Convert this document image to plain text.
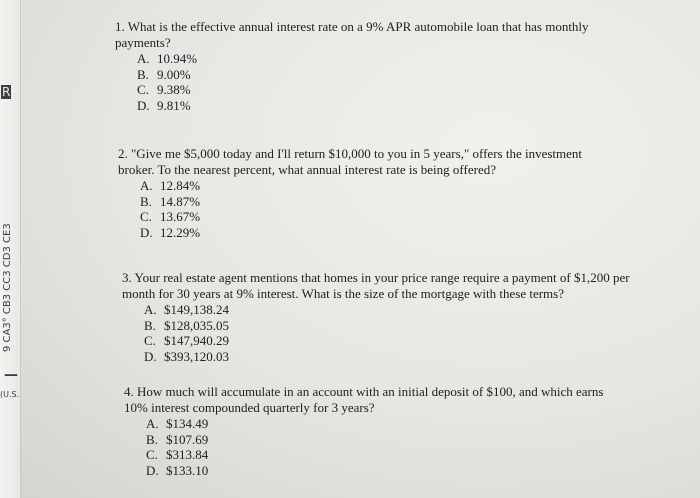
R
9 CA3° CB3 CC3 CD3 CE3
—
(U.S.
1. What is the effective annual interest rate on a 9% APR automobile loan that has monthly payments?
A. 10.94%
B. 9.00%
C. 9.38%
D. 9.81%
2. "Give me $5,000 today and I'll return $10,000 to you in 5 years," offers the investment broker. To the nearest percent, what annual interest rate is being offered?
A. 12.84%
B. 14.87%
C. 13.67%
D. 12.29%
3. Your real estate agent mentions that homes in your price range require a payment of $1,200 per month for 30 years at 9% interest. What is the size of the mortgage with these terms?
A. $149,138.24
B. $128,035.05
C. $147,940.29
D. $393,120.03
4. How much will accumulate in an account with an initial deposit of $100, and which earns 10% interest compounded quarterly for 3 years?
A. $134.49
B. $107.69
C. $313.84
D. $133.10
